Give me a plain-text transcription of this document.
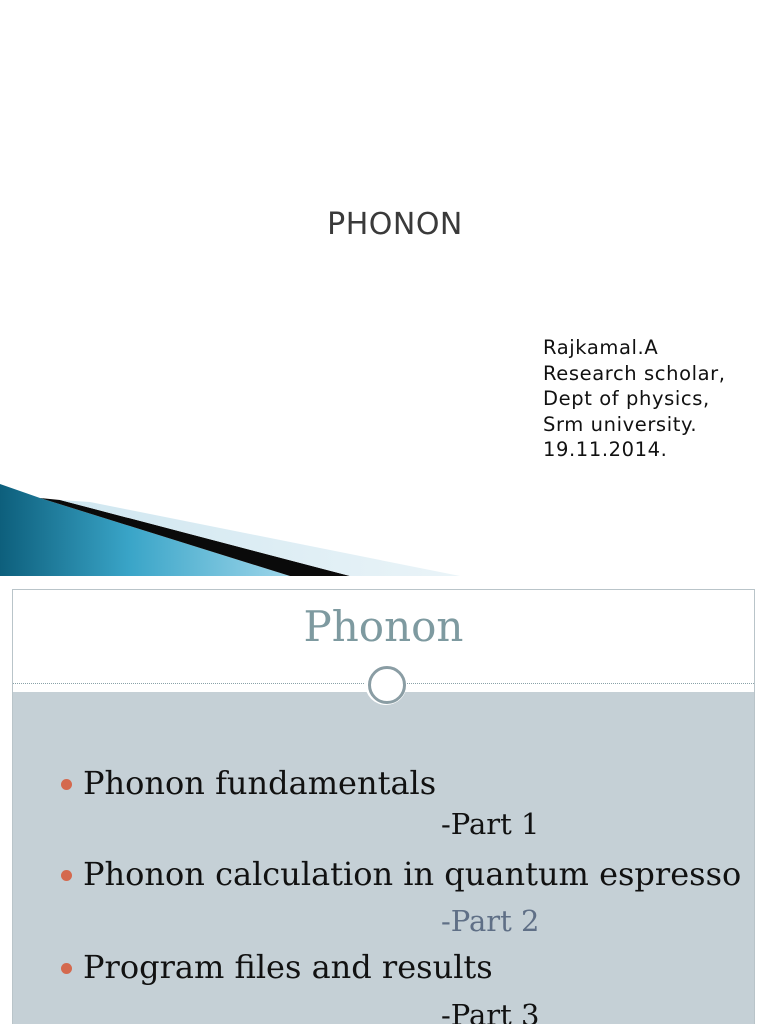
PHONON
Rajkamal.A
Research scholar,
Dept of physics,
Srm university.
19.11.2014.
Phonon
Phonon fundamentals
-Part 1
Phonon calculation in quantum espresso
-Part 2
Program files and results
-Part 3
